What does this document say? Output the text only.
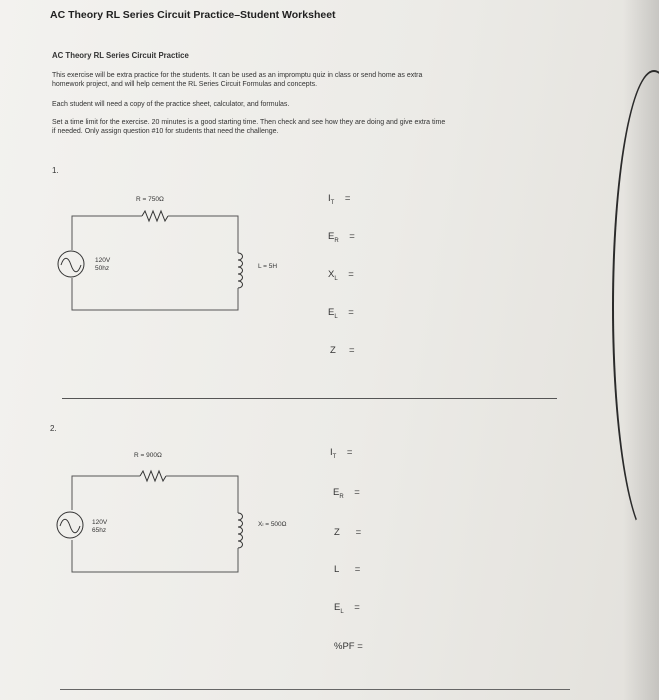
AC Theory RL Series Circuit Practice–Student Worksheet
AC Theory RL Series Circuit Practice
This exercise will be extra practice for the students. It can be used as an impromptu quiz in class or send home as extra
homework project, and will help cement the RL Series Circuit Formulas and concepts.
Each student will need a copy of the practice sheet, calculator, and formulas.
Set a time limit for the exercise. 20 minutes is a good starting time. Then check and see how they are doing and give extra time
if needed. Only assign question #10 for students that need the challenge.
1.
R = 750Ω
120V
50hz	L = 5H
$I_T$ =
$E_R$ =
$X_L$ =
$E_L$ =
Z =
2.
R = 900Ω
120V
65hz
Xₗ = 500Ω
$I_T$ =
$E_R$ =
Z =
L =
$E_L$ =
%PF =
